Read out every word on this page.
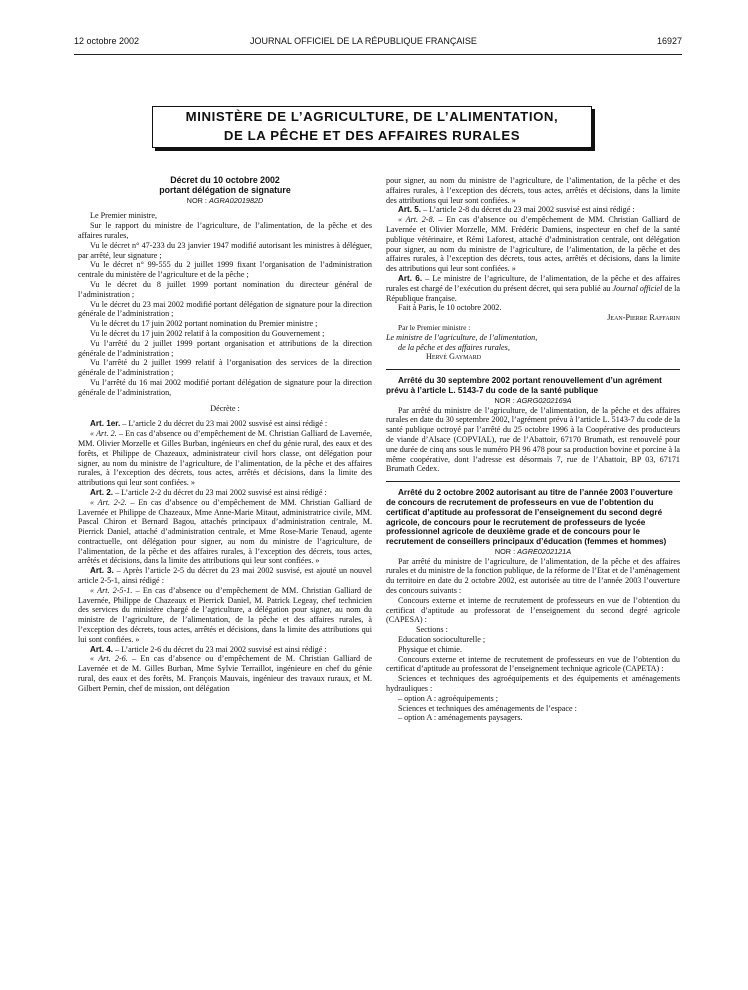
12 octobre 2002	JOURNAL OFFICIEL DE LA RÉPUBLIQUE FRANÇAISE	16927
MINISTÈRE DE L’AGRICULTURE, DE L’ALIMENTATION,
DE LA PÊCHE ET DES AFFAIRES RURALES

Décret du 10 octobre 2002

portant délégation de signature

NOR : AGRA0201982D

Le Premier ministre,

Sur le rapport du ministre de l’agriculture, de l’alimentation, de la pêche et des affaires rurales,

Vu le décret n° 47-233 du 23 janvier 1947 modifié autorisant les ministres à déléguer, par arrêté, leur signature ;

Vu le décret n° 99-555 du 2 juillet 1999 fixant l’organisation de l’administration centrale du ministère de l’agriculture et de la pêche ;

Vu le décret du 8 juillet 1999 portant nomination du directeur général de l’administration ;

Vu le décret du 23 mai 2002 modifié portant délégation de signature pour la direction générale de l’administration ;

Vu le décret du 17 juin 2002 portant nomination du Premier ministre ;

Vu le décret du 17 juin 2002 relatif à la composition du Gouvernement ;

Vu l’arrêté du 2 juillet 1999 portant organisation et attributions de la direction générale de l’administration ;

Vu l’arrêté du 2 juillet 1999 relatif à l’organisation des services de la direction générale de l’administration ;

Vu l’arrêté du 16 mai 2002 modifié portant délégation de signature pour la direction générale de l’administration,

Décrète :

Art. 1er. – L’article 2 du décret du 23 mai 2002 susvisé est ainsi rédigé :

« Art. 2. – En cas d’absence ou d’empêchement de M. Christian Galliard de Lavernée, MM. Olivier Morzelle et Gilles Burban, ingénieurs en chef du génie rural, des eaux et des forêts, et Philippe de Chazeaux, administrateur civil hors classe, ont délégation pour signer, au nom du ministre de l’agriculture, de l’alimentation, de la pêche et des affaires rurales, à l’exception des décrets, tous actes, arrêtés et décisions, dans la limite des attributions qui leur sont confiées. »

Art. 2. – L’article 2-2 du décret du 23 mai 2002 susvisé est ainsi rédigé :

« Art. 2-2. – En cas d’absence ou d’empêchement de MM. Christian Galliard de Lavernée et Philippe de Chazeaux, Mme Anne-Marie Mitaut, administratrice civile, MM. Pascal Chiron et Bernard Bagou, attachés principaux d’administration centrale, M. Pierrick Daniel, attaché d’administration centrale, et Mme Rose-Marie Tenaud, agente contractuelle, ont délégation pour signer, au nom du ministre de l’agriculture, de l’alimentation, de la pêche et des affaires rurales, à l’exception des décrets, tous actes, arrêtés et décisions, dans la limite des attributions qui leur sont confiées. »

Art. 3. – Après l’article 2-5 du décret du 23 mai 2002 susvisé, est ajouté un nouvel article 2-5-1, ainsi rédigé :

« Art. 2-5-1. – En cas d’absence ou d’empêchement de MM. Christian Galliard de Lavernée, Philippe de Chazeaux et Pierrick Daniel, M. Patrick Legeay, chef technicien des services du ministère chargé de l’agriculture, a délégation pour signer, au nom du ministre de l’agriculture, de l’alimentation, de la pêche et des affaires rurales, à l’exception des décrets, tous actes, arrêtés et décisions, dans la limite des attributions qui lui sont confiées. »

Art. 4. – L’article 2-6 du décret du 23 mai 2002 susvisé est ainsi rédigé :

« Art. 2-6. – En cas d’absence ou d’empêchement de M. Christian Galliard de Lavernée et de M. Gilles Burban, Mme Sylvie Terraillot, ingénieure en chef du génie rural, des eaux et des forêts, M. François Mauvais, ingénieur des travaux ruraux, et M. Gilbert Pernin, chef de mission, ont délégation

pour signer, au nom du ministre de l’agriculture, de l’alimentation, de la pêche et des affaires rurales, à l’exception des décrets, tous actes, arrêtés et décisions, dans la limite des attributions qui leur sont confiées. »

Art. 5. – L’article 2-8 du décret du 23 mai 2002 susvisé est ainsi rédigé :

« Art. 2-8. – En cas d’absence ou d’empêchement de MM. Christian Galliard de Lavernée et Olivier Morzelle, MM. Frédéric Damiens, inspecteur en chef de la santé publique vétérinaire, et Rémi Laforest, attaché d’administration centrale, ont délégation pour signer, au nom du ministre de l’agriculture, de l’alimentation, de la pêche et des affaires rurales, à l’exception des décrets, tous actes, arrêtés et décisions, dans la limite des attributions qui leur sont confiées. »

Art. 6. – Le ministre de l’agriculture, de l’alimentation, de la pêche et des affaires rurales est chargé de l’exécution du présent décret, qui sera publié au Journal officiel de la République française.

Fait à Paris, le 10 octobre 2002.

Jean-Pierre Raffarin

Par le Premier ministre :

Le ministre de l’agriculture, de l’alimentation,

de la pêche et des affaires rurales,

Hervé Gaymard

Arrêté du 30 septembre 2002 portant renouvellement d’un agrément prévu à l’article L. 5143-7 du code de la santé publique

NOR : AGRG0202169A

Par arrêté du ministre de l’agriculture, de l’alimentation, de la pêche et des affaires rurales en date du 30 septembre 2002, l’agrément prévu à l’article L. 5143-7 du code de la santé publique octroyé par l’arrêté du 25 octobre 1996 à la Coopérative des producteurs de viande d’Alsace (COPVIAL), rue de l’Abattoir, 67170 Brumath, est renouvelé pour une durée de cinq ans sous le numéro PH 96 478 pour sa production bovine et porcine à la même coopérative, dont l’adresse est désormais 7, rue de l’Abattoir, BP 03, 67171 Brumath Cedex.

Arrêté du 2 octobre 2002 autorisant au titre de l’année 2003 l’ouverture de concours de recrutement de professeurs en vue de l’obtention du certificat d’aptitude au professorat de l’enseignement du second degré agricole, de concours pour le recrutement de professeurs de lycée professionnel agricole de deuxième grade et de concours pour le recrutement de conseillers principaux d’éducation (femmes et hommes)

NOR : AGRE0202121A

Par arrêté du ministre de l’agriculture, de l’alimentation, de la pêche et des affaires rurales et du ministre de la fonction publique, de la réforme de l’Etat et de l’aménagement du territoire en date du 2 octobre 2002, est autorisée au titre de l’année 2003 l’ouverture des concours suivants :

Concours externe et interne de recrutement de professeurs en vue de l’obtention du certificat d’aptitude au professorat de l’enseignement du second degré agricole (CAPESA) :

Sections :

Education socioculturelle ;

Physique et chimie.

Concours externe et interne de recrutement de professeurs en vue de l’obtention du certificat d’aptitude au professorat de l’enseignement technique agricole (CAPETA) :

Sciences et techniques des agroéquipements et des équipements et aménagements hydrauliques :

– option A : agroéquipements ;

Sciences et techniques des aménagements de l’espace :

– option A : aménagements paysagers.
